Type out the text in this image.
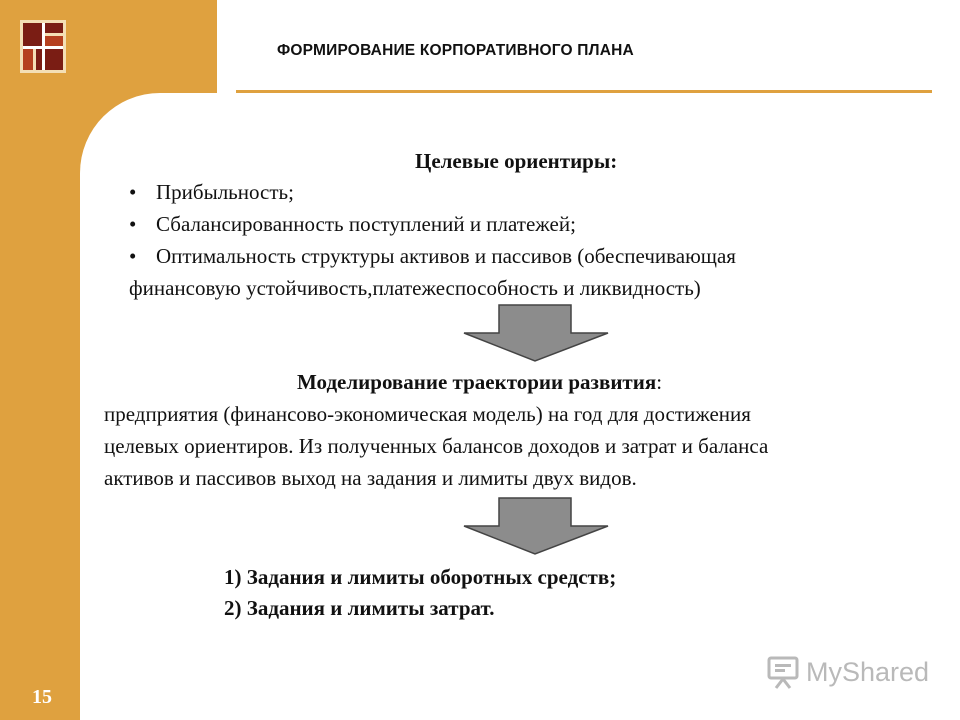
ФОРМИРОВАНИЕ КОРПОРАТИВНОГО ПЛАНА
Целевые ориентиры:
• Прибыльность;
• Сбалансированность поступлений и платежей;
• Оптимальность структуры активов и пассивов (обеспечивающая
финансовую устойчивость,платежеспособность и ликвидность)
Моделирование траектории развития:
предприятия (финансово-экономическая модель) на год для достижения
целевых ориентиров. Из полученных балансов доходов и затрат и баланса
активов и пассивов выход на задания и лимиты двух видов.
1) Задания и лимиты оборотных средств;
2) Задания и лимиты затрат.
15
MyShared
